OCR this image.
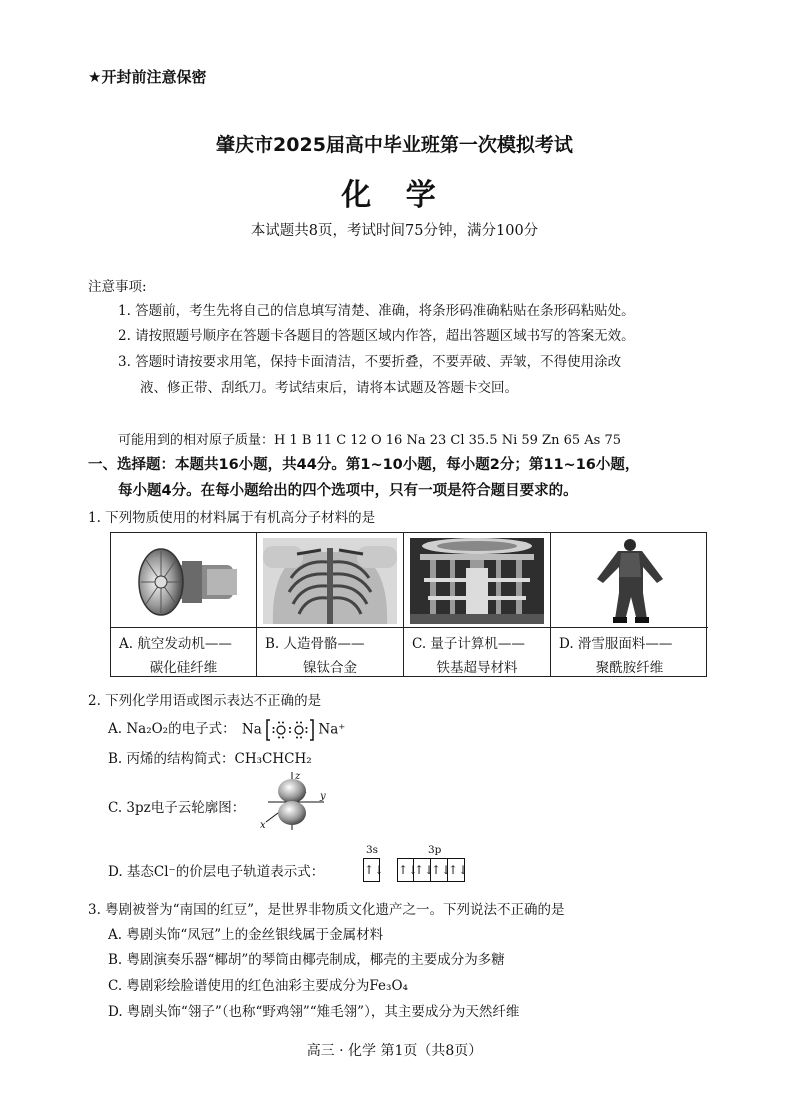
★开封前注意保密
肇庆市2025届高中毕业班第一次模拟考试
化 学
本试题共8页，考试时间75分钟，满分100分
注意事项:
1. 答题前，考生先将自己的信息填写清楚、准确，将条形码准确粘贴在条形码粘贴处。
2. 请按照题号顺序在答题卡各题目的答题区域内作答，超出答题区域书写的答案无效。
3. 答题时请按要求用笔，保持卡面清洁，不要折叠，不要弄破、弄皱，不得使用涂改
液、修正带、刮纸刀。考试结束后，请将本试题及答题卡交回。
可能用到的相对原子质量：H 1 B 11 C 12 O 16 Na 23 Cl 35.5 Ni 59 Zn 65 As 75
一、选择题：本题共16小题，共44分。第1~10小题，每小题2分；第11~16小题，
每小题4分。在每小题给出的四个选项中，只有一项是符合题目要求的。
1. 下列物质使用的材料属于有机高分子材料的是
A. 航空发动机——
碳化硅纤维
B. 人造骨骼——
镍钛合金
C. 量子计算机——
铁基超导材料
D. 滑雪服面料——
聚酰胺纤维
2. 下列化学用语或图示表达不正确的是
A. Na₂O₂的电子式： Na	Na⁺
B. 丙烯的结构简式：CH₃CHCH₂
C. 3pz电子云轮廓图：
z
y
x
D. 基态Cl⁻的价层电子轨道表示式：
3s	3p
↑↓ ↑↓↑↓↑↓↑↓
3. 粤剧被誉为“南国的红豆”，是世界非物质文化遗产之一。下列说法不正确的是
A. 粤剧头饰“凤冠”上的金丝银线属于金属材料
B. 粤剧演奏乐器“椰胡”的琴筒由椰壳制成，椰壳的主要成分为多糖
C. 粤剧彩绘脸谱使用的红色油彩主要成分为Fe₃O₄
D. 粤剧头饰“翎子”（也称“野鸡翎”“雉毛翎”），其主要成分为天然纤维
高三 · 化学 第1页（共8页）
